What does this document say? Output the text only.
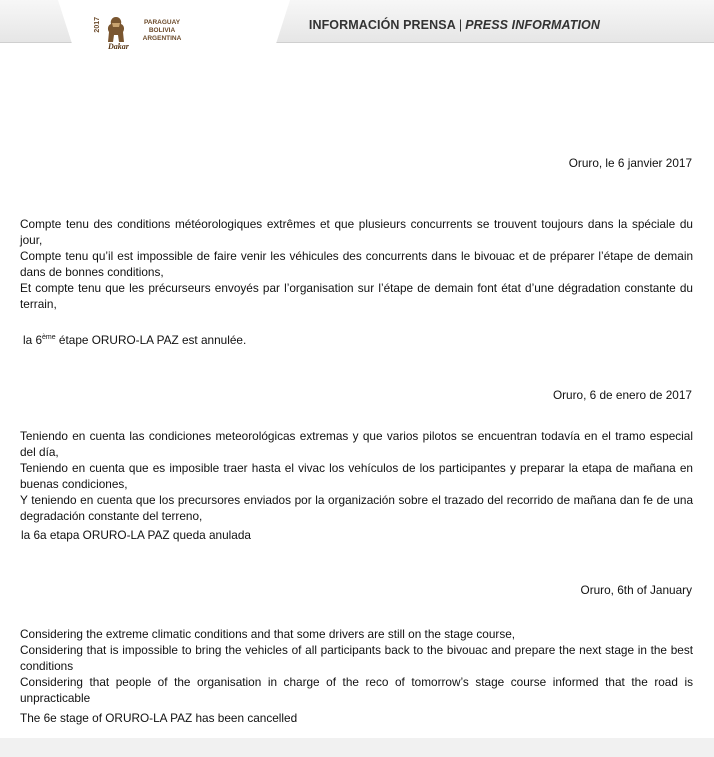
2017	PARAGUAY
BOLIVIA
ARGENTINA
Dakar
INFORMACIÓN PRENSA | PRESS INFORMATION
Oruro, le 6 janvier 2017
Compte tenu des conditions météorologiques extrêmes et que plusieurs concurrents se trouvent toujours dans la spéciale du jour,
Compte tenu qu’il est impossible de faire venir les véhicules des concurrents dans le bivouac et de préparer l’étape de demain dans de bonnes conditions,
Et compte tenu que les précurseurs envoyés par l’organisation sur l’étape de demain font état d’une dégradation constante du terrain,
la 6ème étape ORURO-LA PAZ est annulée.
Oruro, 6 de enero de 2017
Teniendo en cuenta las condiciones meteorológicas extremas y que varios pilotos se encuentran todavía en el tramo especial del día,
Teniendo en cuenta que es imposible traer hasta el vivac los vehículos de los participantes y preparar la etapa de mañana en buenas condiciones,
Y teniendo en cuenta que los precursores enviados por la organización sobre el trazado del recorrido de mañana dan fe de una degradación constante del terreno,
la 6a etapa ORURO-LA PAZ queda anulada
Oruro, 6th of January
Considering the extreme climatic conditions and that some drivers are still on the stage course,
Considering that is impossible to bring the vehicles of all participants back to the bivouac and prepare the next stage in the best conditions
Considering that people of the organisation in charge of the reco of tomorrow’s stage course informed that the road is unpracticable
The 6e stage of ORURO-LA PAZ has been cancelled
